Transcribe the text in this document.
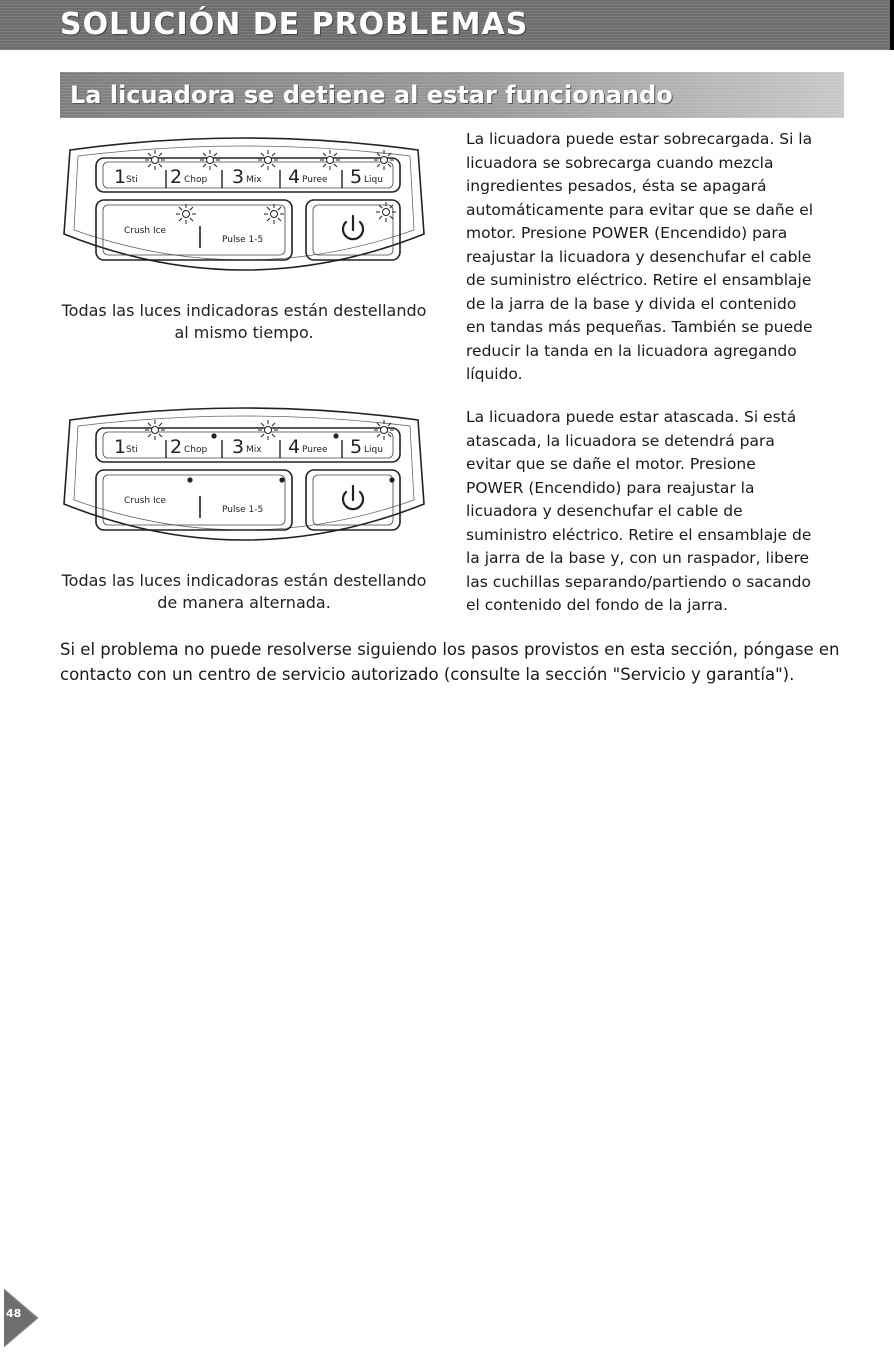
SOLUCIÓN DE PROBLEMAS
La licuadora se detiene al estar funcionando
1 Sti 2 Chop 3 Mix 4 Puree 5 Liqu
Crush Ice
Pulse 1-5

Todas las luces indicadoras están destellando al mismo tiempo.

La licuadora puede estar sobrecargada. Si la licuadora se sobrecarga cuando mezcla ingredientes pesados, ésta se apagará automáticamente para evitar que se dañe el motor. Presione POWER (Encendido) para reajustar la licuadora y desenchufar el cable de suministro eléctrico. Retire el ensamblaje de la jarra de la base y divida el contenido en tandas más pequeñas. También se puede reducir la tanda en la licuadora agregando líquido.

1 Sti 2 Chop 3 Mix 4 Puree 5 Liqu
Crush Ice
Pulse 1-5

Todas las luces indicadoras están destellando de manera alternada.

La licuadora puede estar atascada. Si está atascada, la licuadora se detendrá para evitar que se dañe el motor. Presione POWER (Encendido) para reajustar la licuadora y desenchufar el cable de suministro eléctrico. Retire el ensamblaje de la jarra de la base y, con un raspador, libere las cuchillas separando/partiendo o sacando el contenido del fondo de la jarra.

Si el problema no puede resolverse siguiendo los pasos provistos en esta sección, póngase en contacto con un centro de servicio autorizado (consulte la sección "Servicio y garantía").

48
